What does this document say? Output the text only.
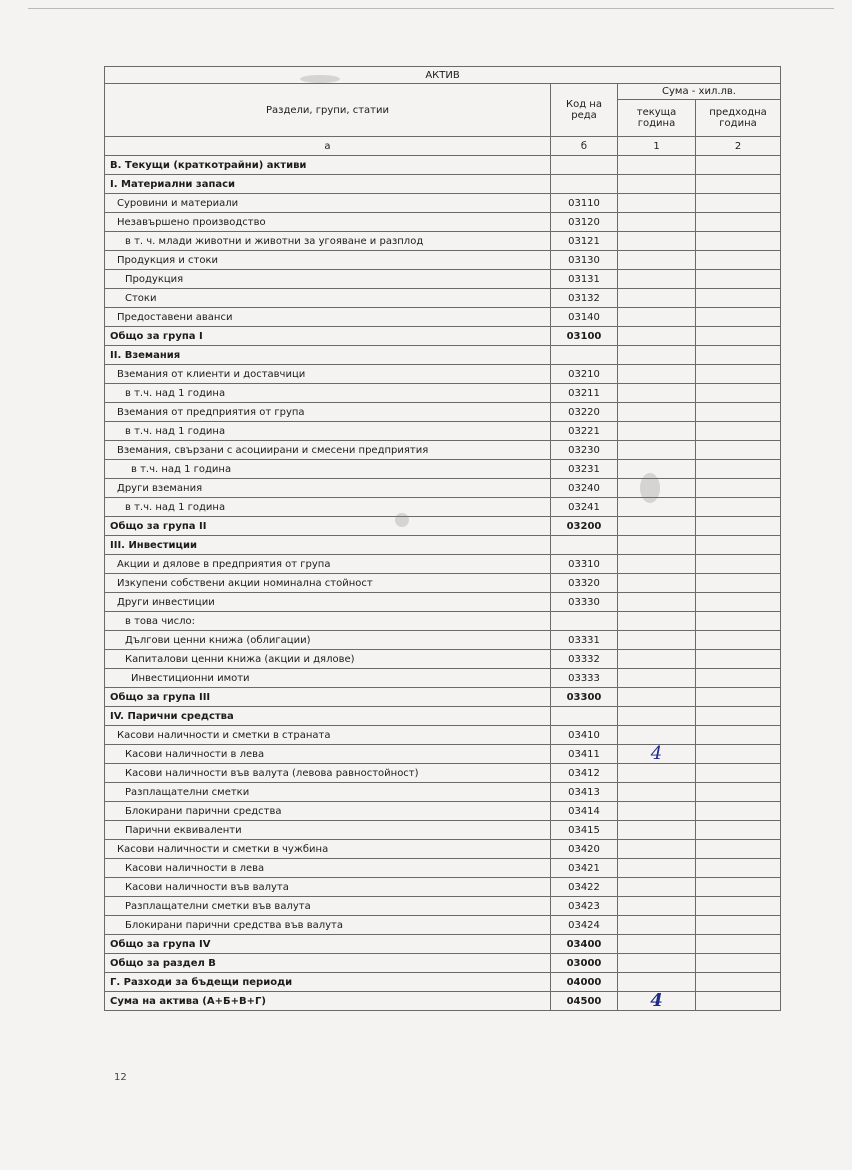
АКТИВ			
Раздели, групи, статии	Код на реда	Сума - хил.лв.	
		текуща година	предходна година
а	б	1	2
В. Текущи (краткотрайни) активи			
I. Материални запаси			
Суровини и материали	03110		
Незавършено производство	03120		
в т. ч. млади животни и животни за угояване и разплод	03121		
Продукция и стоки	03130		
Продукция	03131		
Стоки	03132		
Предоставени аванси	03140		
Общо за група I	03100		
II. Вземания			
Вземания от клиенти и доставчици	03210		
в т.ч. над 1 година	03211		
Вземания от предприятия от група	03220		
в т.ч. над 1 година	03221		
Вземания, свързани с асоциирани и смесени предприятия	03230		
в т.ч. над 1 година	03231		
Други вземания	03240		
в т.ч. над 1 година	03241		
Общо за група II	03200		
III. Инвестиции			
Акции и дялове в предприятия от група	03310		
Изкупени собствени акции номинална стойност	03320		
Други инвестиции	03330		
в това число:			
Дългови ценни книжа (облигации)	03331		
Капиталови ценни книжа (акции и дялове)	03332		
Инвестиционни имоти	03333		
Общо за група III	03300		
IV. Парични средства			
Касови наличности и сметки в страната	03410		
Касови наличности в лева	03411	4	
Касови наличности във валута (левова равностойност)	03412		
Разплащателни сметки	03413		
Блокирани парични средства	03414		
Парични еквиваленти	03415		
Касови наличности и сметки в чужбина	03420		
Касови наличности в лева	03421		
Касови наличности във валута	03422		
Разплащателни сметки във валута	03423		
Блокирани парични средства във валута	03424		
Общо за група IV	03400		
Общо за раздел В	03000		
Г. Разходи за бъдещи периоди	04000		
Сума на актива (А+Б+В+Г)	04500	4	
12
